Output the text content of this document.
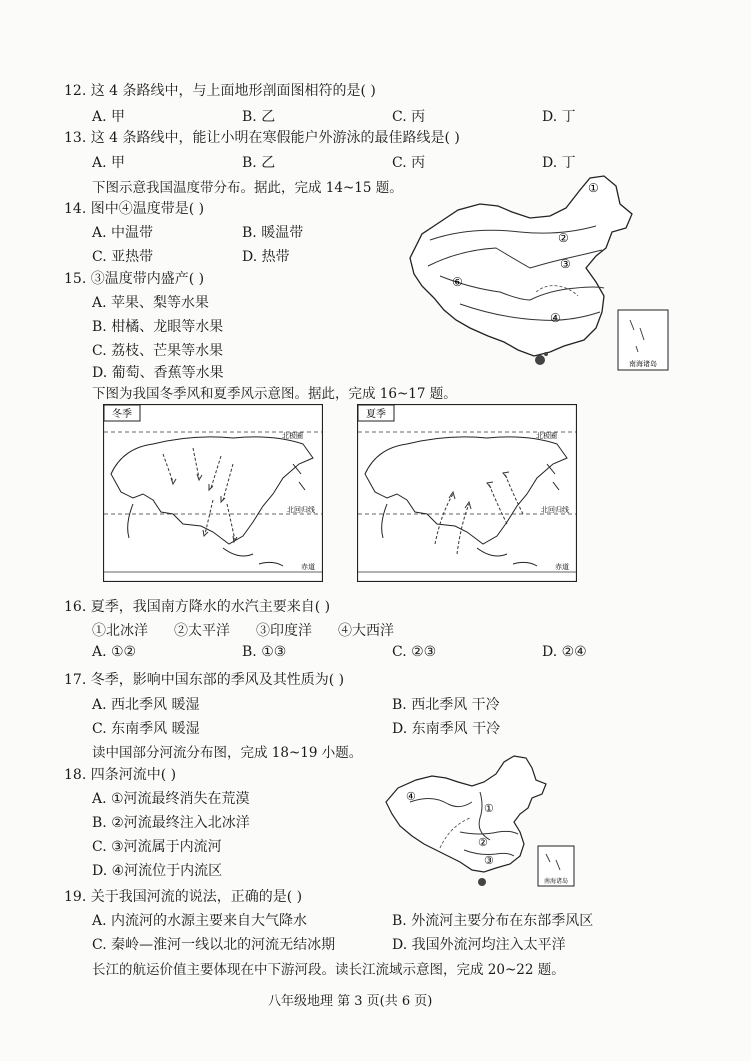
12. 这 4 条路线中，与上面地形剖面图相符的是( )
A. 甲	B. 乙	C. 丙	D. 丁
13. 这 4 条路线中，能让小明在寒假能户外游泳的最佳路线是( )
A. 甲	B. 乙	C. 丙	D. 丁
下图示意我国温度带分布。据此，完成 14~15 题。
14. 图中④温度带是( )
A. 中温带	B. 暖温带
C. 亚热带	D. 热带
15. ③温度带内盛产( )
A. 苹果、梨等水果
B. 柑橘、龙眼等水果
C. 荔枝、芒果等水果
D. 葡萄、香蕉等水果
①
②
③
④
⑥
南海诸岛
下图为我国冬季风和夏季风示意图。据此，完成 16~17 题。
冬季
北极圈
北回归线
赤道
夏季
北极圈
北回归线
赤道
16. 夏季，我国南方降水的水汽主要来自( )
①北冰洋 ②太平洋 ③印度洋 ④大西洋
A. ①②	B. ①③	C. ②③	D. ②④
17. 冬季，影响中国东部的季风及其性质为( )
A. 西北季风 暖湿	B. 西北季风 干冷
C. 东南季风 暖湿	D. 东南季风 干冷
读中国部分河流分布图，完成 18~19 小题。
18. 四条河流中( )
A. ①河流最终消失在荒漠
B. ②河流最终注入北冰洋
C. ③河流属于内流河
D. ④河流位于内流区
①
②
③
④
南海诸岛
19. 关于我国河流的说法，正确的是( )
A. 内流河的水源主要来自大气降水	B. 外流河主要分布在东部季风区
C. 秦岭—淮河一线以北的河流无结冰期	D. 我国外流河均注入太平洋
长江的航运价值主要体现在中下游河段。读长江流域示意图，完成 20~22 题。
八年级地理 第 3 页(共 6 页)
